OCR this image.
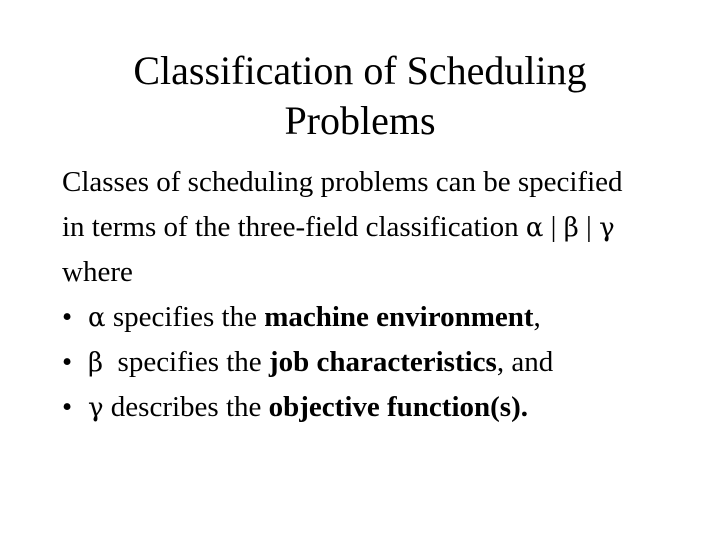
Classification of Scheduling
Problems
Classes of scheduling problems can be specified
in terms of the three-field classification α | β | γ
where
• α specifies the machine environment,
• β  specifies the job characteristics, and
• γ describes the objective function(s).
